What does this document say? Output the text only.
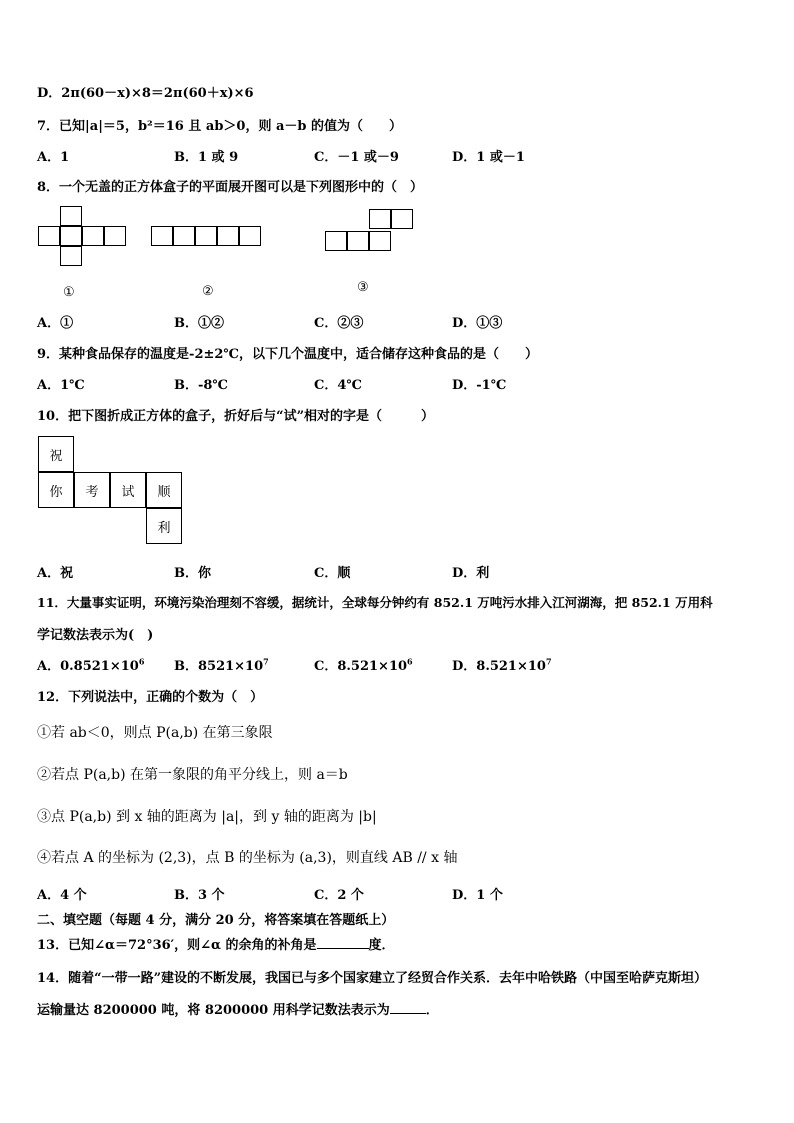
D．2π(60－x)×8＝2π(60＋x)×6
7．已知|a|＝5，b²＝16 且 ab＞0，则 a－b 的值为（　　）
A．1	B．1 或 9	C．－1 或－9	D．1 或－1
8．一个无盖的正方体盒子的平面展开图可以是下列图形中的（　）
①	②	③
A．①	B．①②	C．②③	D．①③
9．某种食品保存的温度是-2±2℃，以下几个温度中，适合储存这种食品的是（　　）
A．1℃	B．-8℃	C．4℃	D．-1℃
10．把下图折成正方体的盒子，折好后与“试”相对的字是（　　　）
祝
你	考	试	顺
利
A．祝	B．你	C．顺	D．利
11．大量事实证明，环境污染治理刻不容缓，据统计，全球每分钟约有 852.1 万吨污水排入江河湖海，把 852.1 万用科
学记数法表示为(　)
A．$0.8521\times 10^6$ B．$8521\times 10^7$	C．$8.521\times 10^6$	D．$8.521\times 10^7$
12．下列说法中，正确的个数为（　）
①若 ab＜0，则点 P(a,b) 在第三象限
②若点 P(a,b) 在第一象限的角平分线上，则 a＝b
③点 P(a,b) 到 x 轴的距离为 |a|，到 y 轴的距离为 |b|
④若点 A 的坐标为 (2,3)，点 B 的坐标为 (a,3)，则直线 AB // x 轴
A．4 个	B．3 个	C．2 个	D．1 个
二、填空题（每题 4 分，满分 20 分，将答案填在答题纸上）
13．已知∠α＝72°36′，则∠α 的余角的补角是	度．
14．随着“一带一路”建设的不断发展，我国已与多个国家建立了经贸合作关系．去年中哈铁路（中国至哈萨克斯坦）
运输量达 8200000 吨，将 8200000 用科学记数法表示为	．
